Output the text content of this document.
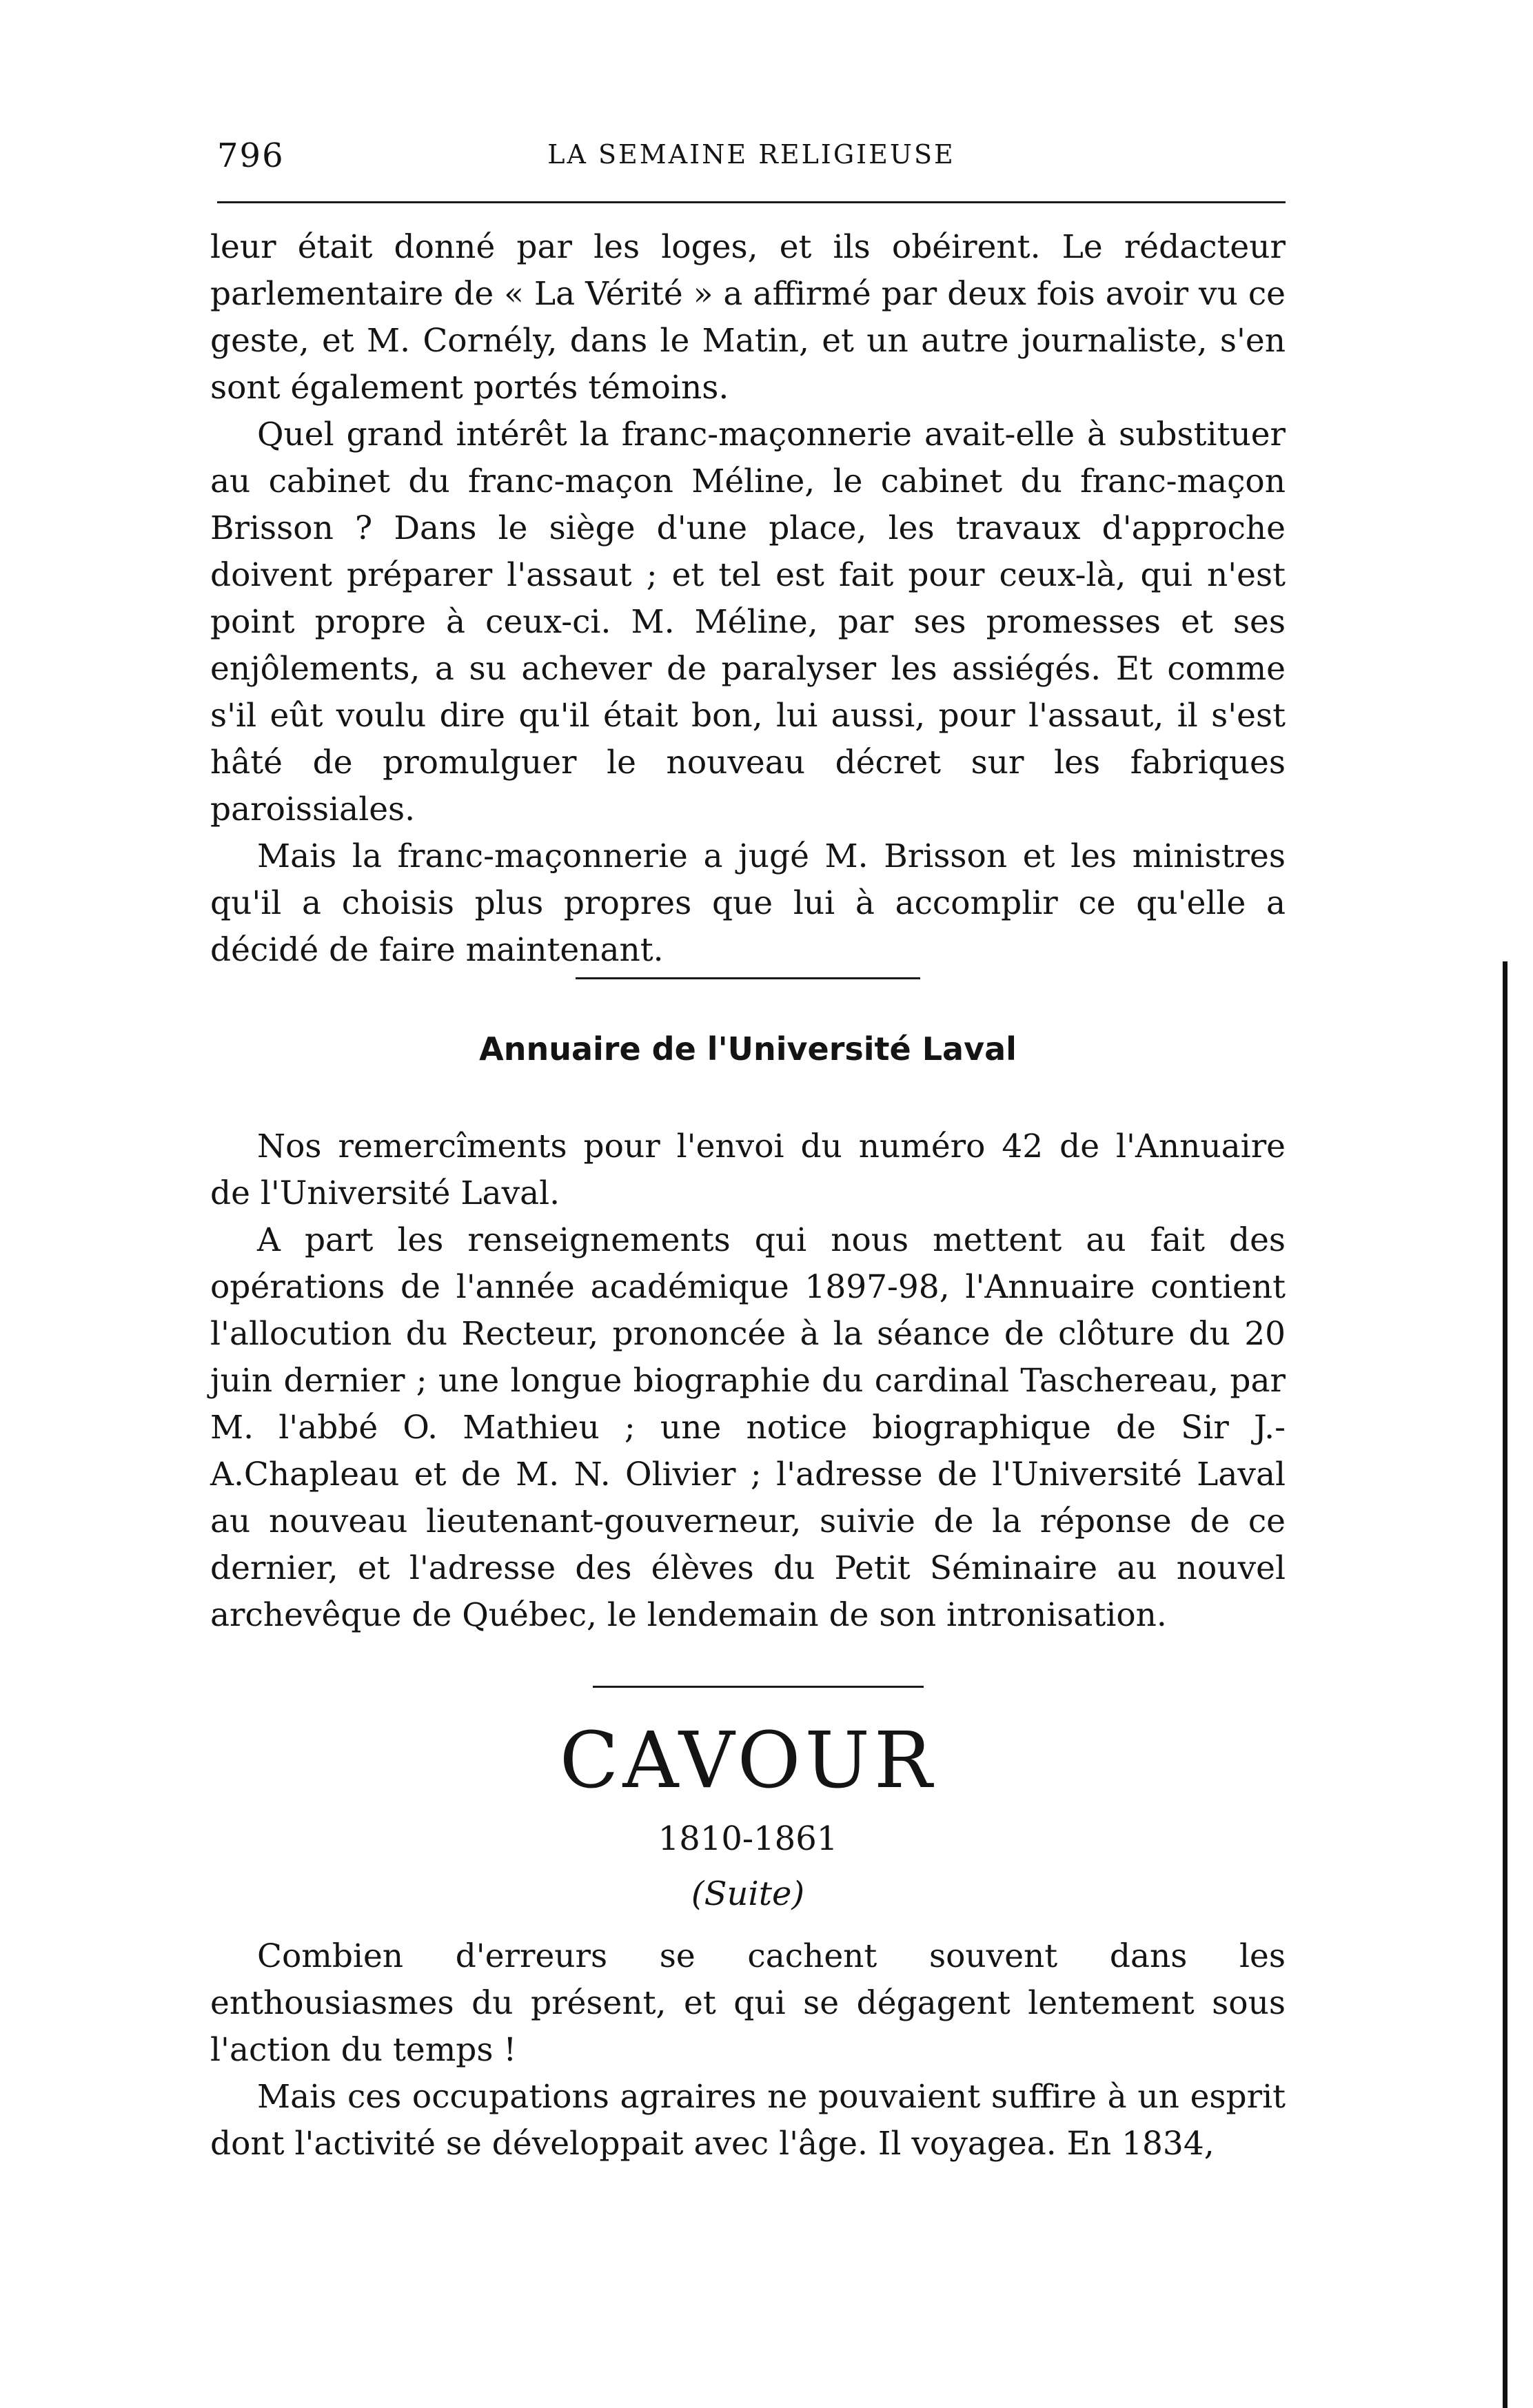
796	LA SEMAINE RELIGIEUSE

leur était donné par les loges, et ils obéirent. Le rédacteur parlementaire de « La Vérité » a affirmé par deux fois avoir vu ce geste, et M. Cornély, dans le Matin, et un autre journaliste, s'en sont également portés témoins.

Quel grand intérêt la franc-maçonnerie avait-elle à substituer au cabinet du franc-maçon Méline, le cabinet du franc-maçon Brisson ? Dans le siège d'une place, les travaux d'approche doivent préparer l'assaut ; et tel est fait pour ceux-là, qui n'est point propre à ceux-ci. M. Méline, par ses promesses et ses enjôlements, a su achever de paralyser les assiégés. Et comme s'il eût voulu dire qu'il était bon, lui aussi, pour l'assaut, il s'est hâté de promulguer le nouveau décret sur les fabriques paroissiales.

Mais la franc-maçonnerie a jugé M. Brisson et les ministres qu'il a choisis plus propres que lui à accomplir ce qu'elle a décidé de faire maintenant.

Annuaire de l'Université Laval

Nos remercîments pour l'envoi du numéro 42 de l'Annuaire de l'Université Laval.

A part les renseignements qui nous mettent au fait des opérations de l'année académique 1897-98, l'Annuaire contient l'allocution du Recteur, prononcée à la séance de clôture du 20 juin dernier ; une longue biographie du cardinal Taschereau, par M. l'abbé O. Mathieu ; une notice biographique de Sir J.-A.Chapleau et de M. N. Olivier ; l'adresse de l'Université Laval au nouveau lieutenant-gouverneur, suivie de la réponse de ce dernier, et l'adresse des élèves du Petit Séminaire au nouvel archevêque de Québec, le lendemain de son intronisation.

CAVOUR
1810-1861
(Suite)

Combien d'erreurs se cachent souvent dans les enthousiasmes du présent, et qui se dégagent lentement sous l'action du temps !

Mais ces occupations agraires ne pouvaient suffire à un esprit dont l'activité se développait avec l'âge. Il voyagea. En 1834,
